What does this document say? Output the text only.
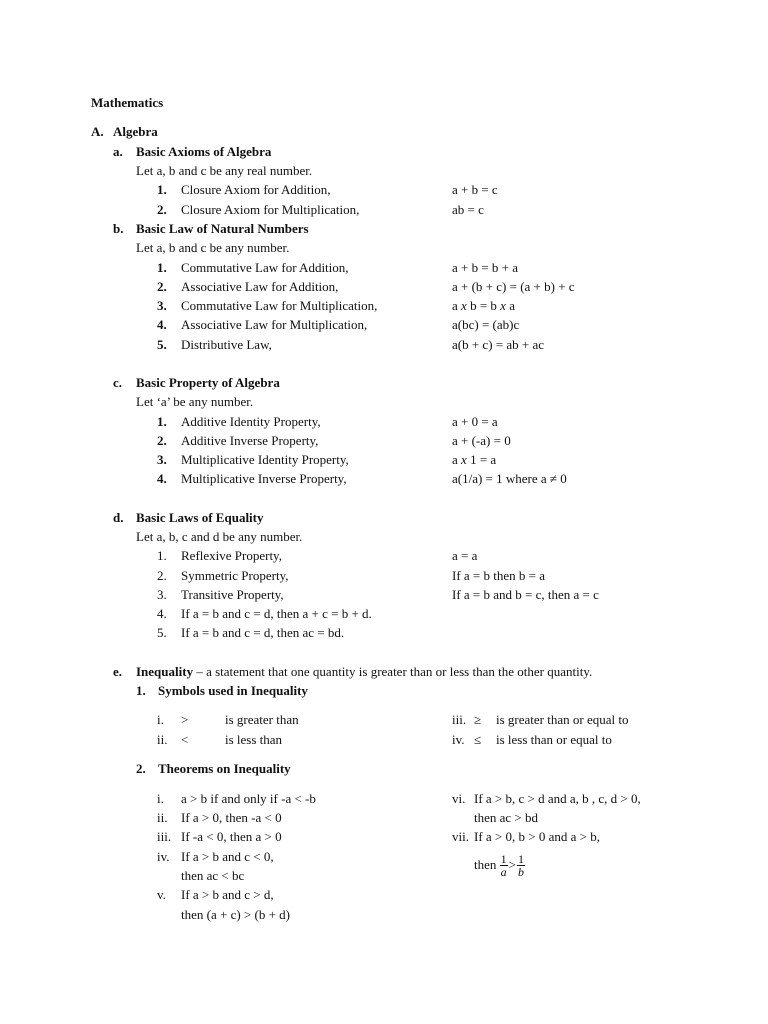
Mathematics
A. Algebra
a. Basic Axioms of Algebra
Let a, b and c be any real number.
1. Closure Axiom for Addition,	a + b = c
2. Closure Axiom for Multiplication,	ab = c
b. Basic Law of Natural Numbers
Let a, b and c be any number.
1. Commutative Law for Addition,	a + b = b + a
2. Associative Law for Addition,	a + (b + c) = (a + b) + c
3. Commutative Law for Multiplication,	a x b = b x a
4. Associative Law for Multiplication,	a(bc) = (ab)c
5. Distributive Law,	a(b + c) = ab + ac
c. Basic Property of Algebra
Let ‘a’ be any number.
1. Additive Identity Property,	a + 0 = a
2. Additive Inverse Property,	a + (-a) = 0
3. Multiplicative Identity Property,	a x 1 = a
4. Multiplicative Inverse Property,	a(1/a) = 1 where a ≠ 0
d. Basic Laws of Equality
Let a, b, c and d be any number.
1. Reflexive Property,	a = a
2. Symmetric Property,	If a = b then b = a
3. Transitive Property,	If a = b and b = c, then a = c
4. If a = b and c = d, then a + c = b + d.
5. If a = b and c = d, then ac = bd.
e. Inequality – a statement that one quantity is greater than or less than the other quantity.
1. Symbols used in Inequality
i. >	is greater than
ii. <	is less than
iii. ≥ is greater than or equal to
iv. ≤ is less than or equal to
2. Theorems on Inequality
i. a > b if and only if -a < -b
ii. If a > 0, then -a < 0
iii. If -a < 0, then a > 0
iv. If a > b and c < 0,
then ac < bc
v. If a > b and c > d,
then (a + c) > (b + d)
vi. If a > b, c > d and a, b , c, d > 0,
then ac > bd
vii. If a > 0, b > 0 and a > b,
then $\frac{1}{a} > \frac{1}{b}$
